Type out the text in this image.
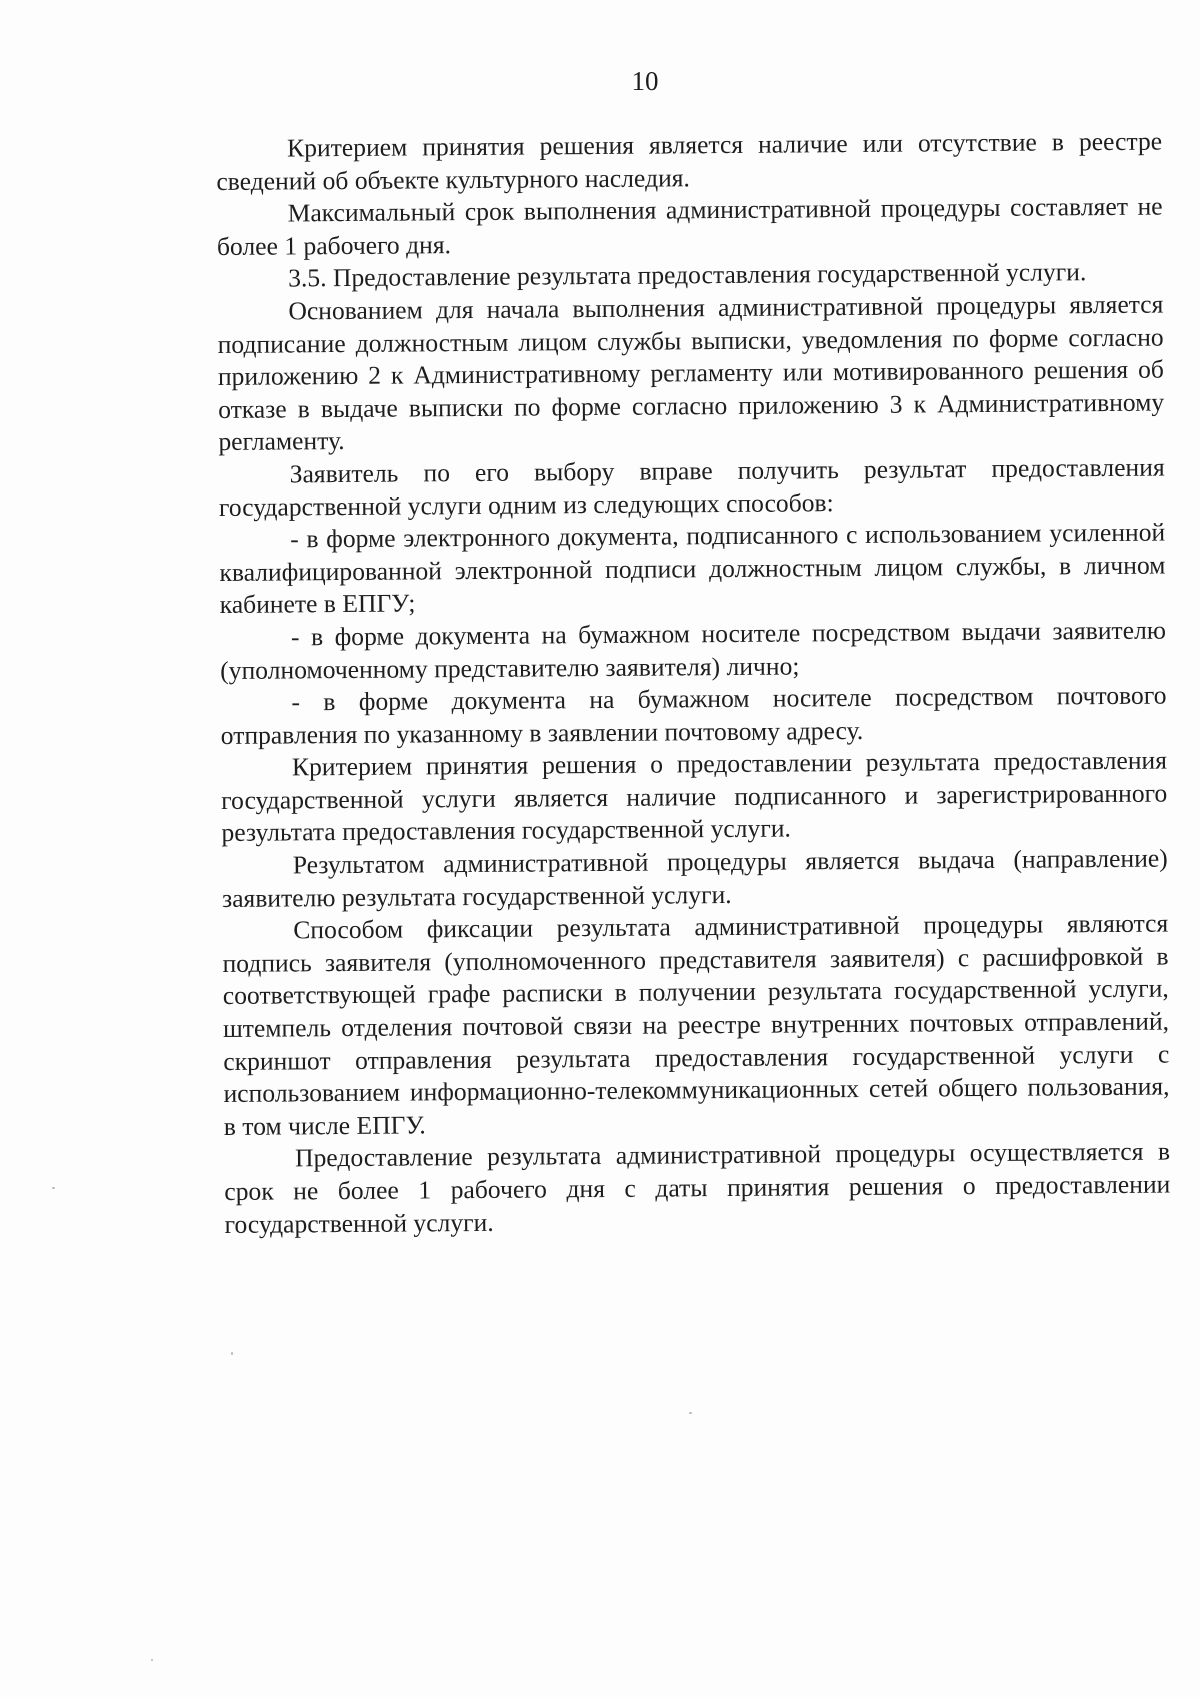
10

Критерием принятия решения является наличие или отсутствие в реестре сведений об объекте культурного наследия.

Максимальный срок выполнения административной процедуры составляет не более 1 рабочего дня.

3.5. Предоставление результата предоставления государственной услуги.

Основанием для начала выполнения административной процедуры является подписание должностным лицом службы выписки, уведомления по форме согласно приложению 2 к Административному регламенту или мотивированного решения об отказе в выдаче выписки по форме согласно приложению 3 к Административному регламенту.

Заявитель по его выбору вправе получить результат предоставления государственной услуги одним из следующих способов:

- в форме электронного документа, подписанного с использованием усиленной квалифицированной электронной подписи должностным лицом службы, в личном кабинете в ЕПГУ;

- в форме документа на бумажном носителе посредством выдачи заявителю (уполномоченному представителю заявителя) лично;

- в форме документа на бумажном носителе посредством почтового отправления по указанному в заявлении почтовому адресу.

Критерием принятия решения о предоставлении результата предоставления государственной услуги является наличие подписанного и зарегистрированного результата предоставления государственной услуги.

Результатом административной процедуры является выдача (направление) заявителю результата государственной услуги.

Способом фиксации результата административной процедуры являются подпись заявителя (уполномоченного представителя заявителя) с расшифровкой в соответствующей графе расписки в получении результата государственной услуги, штемпель отделения почтовой связи на реестре внутренних почтовых отправлений, скриншот отправления результата предоставления государственной услуги с использованием информационно-телекоммуникационных сетей общего пользования, в том числе ЕПГУ.

Предоставление результата административной процедуры осуществляется в срок не более 1 рабочего дня с даты принятия решения о предоставлении государственной услуги.
